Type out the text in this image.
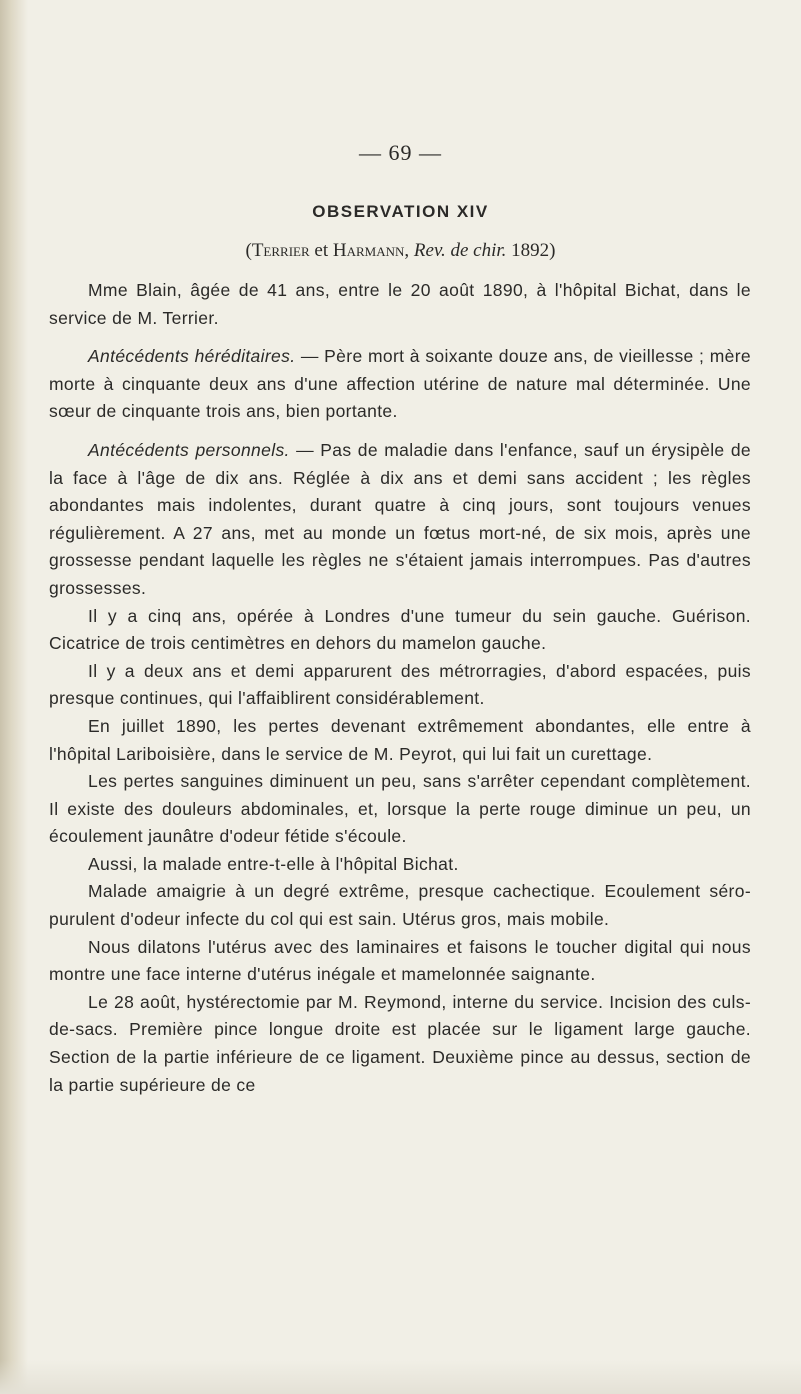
— 69 —
OBSERVATION XIV
(Terrier et Harmann, Rev. de chir. 1892)

Mme Blain, âgée de 41 ans, entre le 20 août 1890, à l'hôpital Bichat, dans le service de M. Terrier.

Antécédents héréditaires. — Père mort à soixante douze ans, de vieillesse ; mère morte à cinquante deux ans d'une affection utérine de nature mal déterminée. Une sœur de cinquante trois ans, bien portante.

Antécédents personnels. — Pas de maladie dans l'enfance, sauf un érysipèle de la face à l'âge de dix ans. Réglée à dix ans et demi sans accident ; les règles abondantes mais indolentes, durant quatre à cinq jours, sont toujours venues régulièrement. A 27 ans, met au monde un fœtus mort-né, de six mois, après une grossesse pendant laquelle les règles ne s'étaient jamais interrompues. Pas d'autres grossesses.

Il y a cinq ans, opérée à Londres d'une tumeur du sein gauche. Guérison. Cicatrice de trois centimètres en dehors du mamelon gauche.

Il y a deux ans et demi apparurent des métrorragies, d'abord espacées, puis presque continues, qui l'affaiblirent considérablement.

En juillet 1890, les pertes devenant extrêmement abondantes, elle entre à l'hôpital Lariboisière, dans le service de M. Peyrot, qui lui fait un curettage.

Les pertes sanguines diminuent un peu, sans s'arrêter cependant complètement. Il existe des douleurs abdominales, et, lorsque la perte rouge diminue un peu, un écoulement jaunâtre d'odeur fétide s'écoule.

Aussi, la malade entre-t-elle à l'hôpital Bichat.

Malade amaigrie à un degré extrême, presque cachectique. Ecoulement séro-purulent d'odeur infecte du col qui est sain. Utérus gros, mais mobile.

Nous dilatons l'utérus avec des laminaires et faisons le toucher digital qui nous montre une face interne d'utérus inégale et mamelonnée saignante.

Le 28 août, hystérectomie par M. Reymond, interne du service. Incision des culs-de-sacs. Première pince longue droite est placée sur le ligament large gauche. Section de la partie inférieure de ce ligament. Deuxième pince au dessus, section de la partie supérieure de ce
